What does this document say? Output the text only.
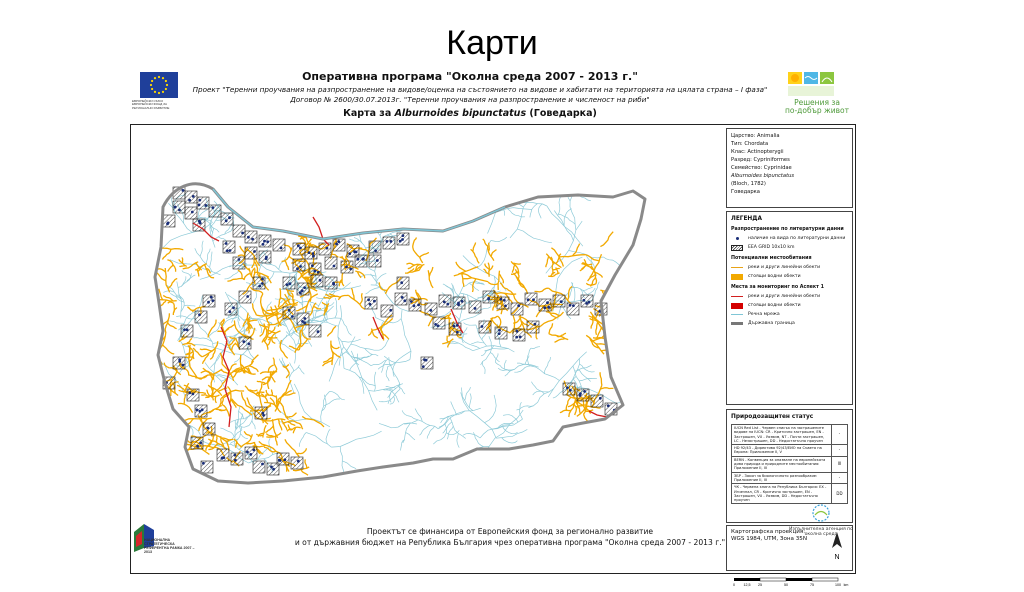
Карти
ЕВРОПЕЙСКИ СЪЮЗ ЕВРОПЕЙСКИ ФОНД ЗА РЕГИОНАЛНО РАЗВИТИЕ
Оперативна програма "Околна среда 2007 - 2013 г."
Проект "Теренни проучвания на разпространение на видове/оценка на състоянието на видове и хабитати на територията на цялата страна – I фаза"
Договор № 2600/30.07.2013г. "Теренни проучвания на разпространение и численост на риби"
Карта за Alburnoides bipunctatus (Говедарка)
Решения за
по-добър живот
Царство: Animalia
Тип: Chordata
Клас: Actinopterygii
Разред: Cypriniformes
Семейство: Cyprinidae
Alburnoides bipunctatus
(Bloch, 1782)
Говедарка
ЛЕГЕНДА
Разпространение по литературни данни
наличие на вида по литературни данни
EEA GRID 10x10 km
Потенциални местообитания
реки и други линейни обекти
стоящи водни обекти
Места за мониторинг по Аспект 1
реки и други линейни обекти
стоящи водни обекти
Речна мрежа
Държавна граница
Природозащитен статус
IUCN Red List - Червен списък на застрашените видове на IUCN: CR - Критично застрашен, EN - Застрашен, VU - Уязвим, NT - Почти застрашен, LC - Незастрашен, DD - Недостатъчно проучен	-
HD 92/43 - Директива 92/43/ЕИО на Съвета на Европа: Приложение II, V	-
BERN - Конвенция за опазване на европейската дива природа и природните местообитания: Приложение II, III	III
ЗБР - Закон за биологичното разнообразие: Приложение II, III	-
ЧК - Червена книга на Република България: EX - Изчезнал, CR - Критично застрашен, EN - Застрашен, VU - Уязвим, DD - Недостатъчно проучен	DD
Картографска проекция:
WGS 1984, UTM, Зона 35N
N
0 12,5 25	50	75	100 km
НАЦИОНАЛНА СТРАТЕГИЧЕСКА РЕФЕРЕНТНА РАМКА 2007 – 2013
Проектът се финансира от Европейския фонд за регионално развитие
и от държавния бюджет на Република България чрез оперативна програма "Околна среда 2007 - 2013 г."
Изпълнителна агенция по околна среда
